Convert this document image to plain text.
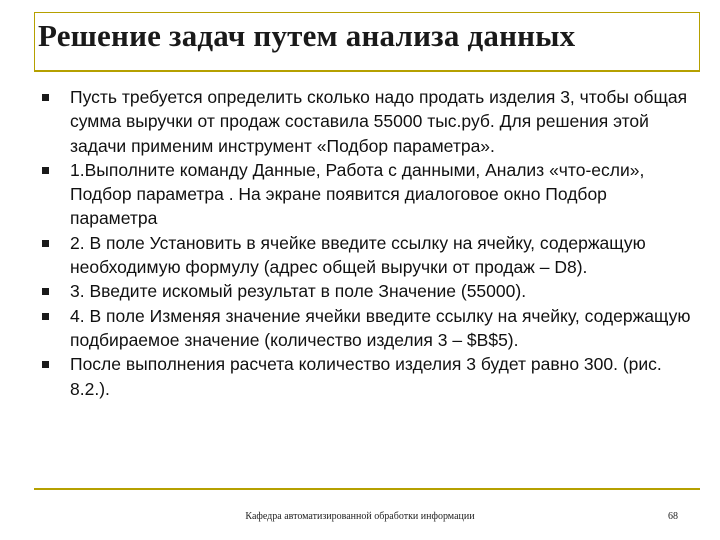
Решение задач путем анализа данных
Пусть требуется определить сколько надо продать изделия 3, чтобы общая сумма выручки от продаж составила 55000 тыс.руб. Для решения этой задачи применим инструмент «Подбор параметра».
1.Выполните команду Данные, Работа с данными, Анализ «что-если», Подбор параметра . На экране появится диалоговое окно Подбор параметра
2. В поле Установить в ячейке введите ссылку на ячейку, содержащую необходимую формулу (адрес общей выручки от продаж – D8).
3. Введите искомый результат в поле Значение (55000).
4. В поле Изменяя значение ячейки введите ссылку на ячейку, содержащую подбираемое значение (количество изделия 3 – $B$5).
После выполнения расчета количество изделия 3 будет равно 300. (рис. 8.2.).
Кафедра автоматизированной обработки информации	68
